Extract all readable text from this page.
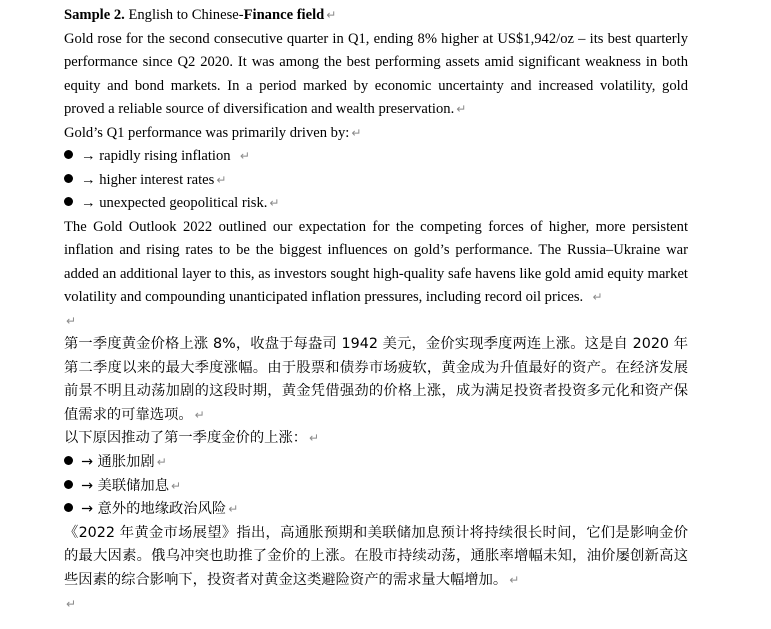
Sample 2. English to Chinese-Finance field ↵

Gold rose for the second consecutive quarter in Q1, ending 8% higher at US$1,942/oz – its best quarterly performance since Q2 2020. It was among the best performing assets amid significant weakness in both equity and bond markets. In a period marked by economic uncertainty and increased volatility, gold proved a reliable source of diversification and wealth preservation. ↵

Gold’s Q1 performance was primarily driven by: ↵

→ rapidly rising inflation
↵

→ higher interest rates ↵

→ unexpected geopolitical risk. ↵

The Gold Outlook 2022 outlined our expectation for the competing forces of higher, more persistent inflation and rising rates to be the biggest influences on gold’s performance. The Russia–Ukraine war added an additional layer to this, as investors sought high-quality safe havens like gold amid equity market volatility and compounding unanticipated inflation pressures, including record oil prices. ↵

↵

第一季度黄金价格上涨 8%，收盘于每盎司 1942 美元，金价实现季度两连上涨。这是自 2020 年第二季度以来的最大季度涨幅。由于股票和债券市场疲软，黄金成为升值最好的资产。在经济发展前景不明且动荡加剧的这段时期，黄金凭借强劲的价格上涨，成为满足投资者投资多元化和资产保值需求的可靠选项。 ↵

以下原因推动了第一季度金价的上涨： ↵

→ 通胀加剧 ↵

→ 美联储加息 ↵

→ 意外的地缘政治风险 ↵

《2022 年黄金市场展望》指出，高通胀预期和美联储加息预计将持续很长时间，它们是影响金价的最大因素。俄乌冲突也助推了金价的上涨。在股市持续动荡，通胀率增幅未知，油价屡创新高这些因素的综合影响下，投资者对黄金这类避险资产的需求量大幅增加。 ↵

↵
